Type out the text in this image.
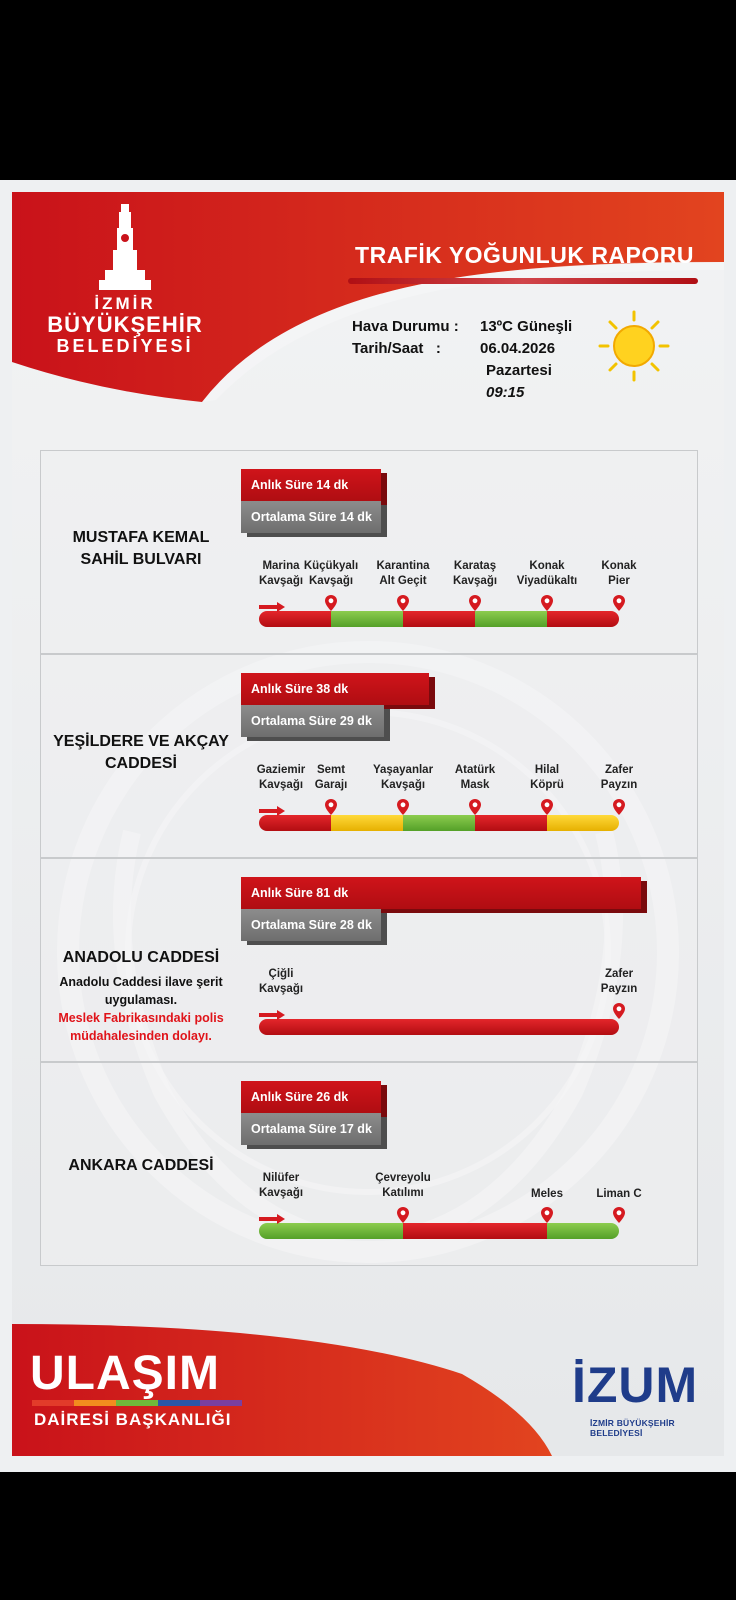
İZMİR
BÜYÜKŞEHİR
BELEDİYESİ
TRAFİK YOĞUNLUK RAPORU
Hava Durumu :	13ºC Güneşli
Tarih/Saat   :	06.04.2026
Pazartesi
09:15
MUSTAFA KEMAL
SAHİL BULVARI
Anlık Süre 14 dk
Ortalama Süre 14 dk
Marina
Kavşağı
Küçükyalı
Kavşağı
Karantina
Alt Geçit
Karataş
Kavşağı
Konak
Viyadükaltı
Konak
Pier
YEŞİLDERE VE AKÇAY
CADDESİ
Anlık Süre 38 dk
Ortalama Süre 29 dk
Gaziemir
Kavşağı
Semt
Garajı
Yaşayanlar
Kavşağı
Atatürk
Mask
Hilal
Köprü
Zafer
Payzın
ANADOLU CADDESİ
Anadolu Caddesi ilave şerit
uygulaması.
Meslek Fabrikasındaki polis
müdahalesinden dolayı.
Anlık Süre 81 dk
Ortalama Süre 28 dk
Çiğli
Kavşağı
Zafer
Payzın
ANKARA CADDESİ
Anlık Süre 26 dk
Ortalama Süre 17 dk
Nilüfer
Kavşağı
Çevreyolu
Katılımı	Meles	Liman C
ULAŞIM
DAİRESİ BAŞKANLIĞI
İZUM
İZMİR BÜYÜKŞEHİR BELEDİYESİ
